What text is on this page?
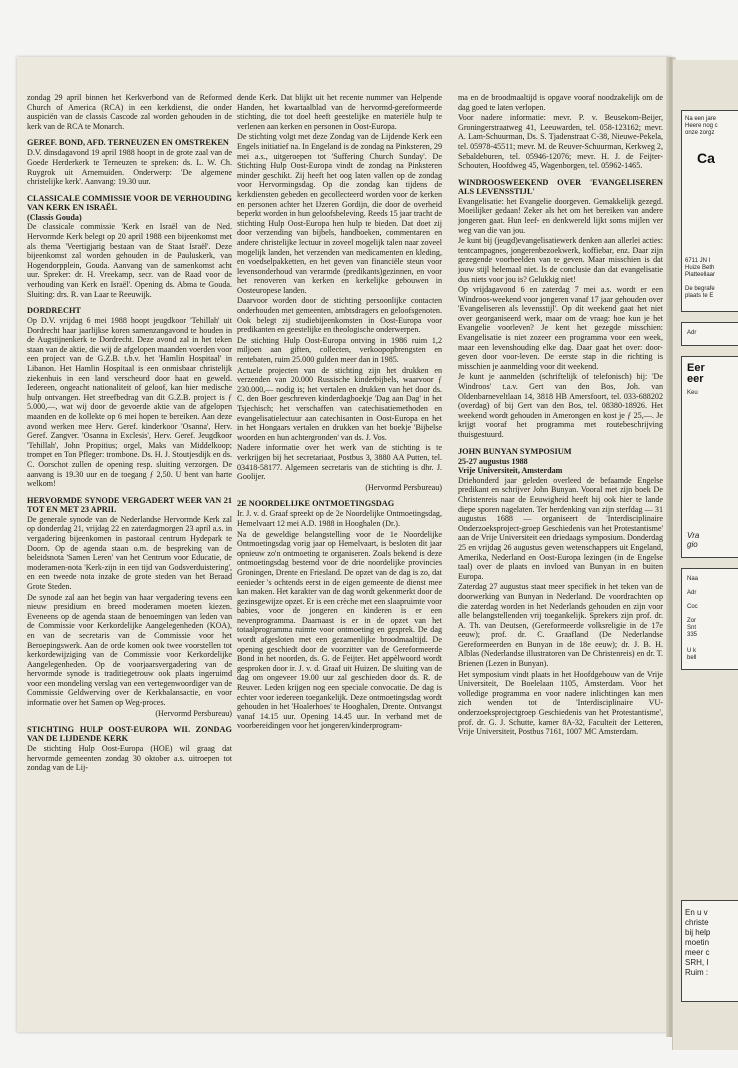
zondag 29 april binnen het Kerkverbond van de Reformed Church of America (RCA) in een kerkdienst, die onder auspiciën van de classis Cascode zal worden gehouden in de kerk van de RCA te Monarch.

GEREF. BOND, AFD. TERNEUZEN EN OMSTREKEN

D.V. dinsdagavond 19 april 1988 hoopt in de grote zaal van de Goede Herderkerk te Terneuzen te spreken: ds. L. W. Ch. Ruygrok uit Arnemuiden. Onderwerp: 'De algemene christelijke kerk'. Aanvang: 19.30 uur.

CLASSICALE COMMISSIE VOOR DE VERHOUDING VAN KERK EN ISRAËL

(Classis Gouda)

De classicale commissie 'Kerk en Israël van de Ned. Hervormde Kerk belegt op 20 april 1988 een bijeenkomst met als thema 'Veertigjarig bestaan van de Staat Israël'. Deze bijeenkomst zal worden gehouden in de Pauluskerk, van Hogendorpplein, Gouda. Aanvang van de samenkomst acht uur. Spreker: dr. H. Vreekamp, secr. van de Raad voor de verhouding van Kerk en Israël'. Opening ds. Abma te Gouda. Sluiting: drs. R. van Laar te Reeuwijk.

DORDRECHT

Op D.V. vrijdag 6 mei 1988 hoopt jeugdkoor 'Tehillah' uit Dordrecht haar jaarlijkse koren samenzangavond te houden in de Augstijnenkerk te Dordrecht. Deze avond zal in het teken staan van de aktie, die wij de afgelopen maanden voerden voor een project van de G.Z.B. t.b.v. het 'Hamlin Hospitaal' in Libanon. Het Hamlin Hospitaal is een onmisbaar christelijk ziekenhuis in een land verscheurd door haat en geweld. Iedereen, ongeacht nationaliteit of geloof, kan hier medische hulp ontvangen. Het streefbedrag van dit G.Z.B. project is ƒ 5.000,—, wat wij door de gevoerde aktie van de afgelopen maanden en de kollekte op 6 mei hopen te bereiken. Aan deze avond werken mee Herv. Geref. kinderkoor 'Osanna', Herv. Geref. Zangver. 'Osanna in Exclesis', Herv. Geref. Jeugdkoor 'Tehillah', John Propitius; orgel, Maks van Middelkoop; trompet en Ton Pfleger: trombone. Ds. H. J. Stoutjesdijk en ds. C. Oorschot zullen de opening resp. sluiting verzorgen. De aanvang is 19.30 uur en de toegang ƒ 2,50. U bent van harte welkom!

HERVORMDE SYNODE VERGADERT WEER VAN 21 TOT EN MET 23 APRIL

De generale synode van de Nederlandse Hervormde Kerk zal op donderdag 21, vrijdag 22 en zaterdagmorgen 23 april a.s. in vergadering bijeenkomen in pastoraal centrum Hydepark te Doorn. Op de agenda staan o.m. de bespreking van de beleidsnota 'Samen Leren' van het Centrum voor Educatie, de moderamen-nota 'Kerk-zijn in een tijd van Godsverduistering', en een tweede nota inzake de grote steden van het Beraad Grote Steden.

De synode zal aan het begin van haar vergadering tevens een nieuw presidium en breed moderamen moeten kiezen. Eveneens op de agenda staan de benoemingen van leden van de Commissie voor Kerkordelijke Aangelegenheden (KOA), en van de secretaris van de Commissie voor het Beroepingswerk. Aan de orde komen ook twee voorstellen tot kerkordewijziging van de Commissie voor Kerkordelijke Aangelegenheden. Op de voorjaarsvergadering van de hervormde synode is traditiegetrouw ook plaats ingeruimd voor een mondeling verslag van een vertegenwoordiger van de Commissie Geldwerving over de Kerkbalansactie, en voor informatie over het Samen op Weg-proces.

(Hervormd Persbureau)

STICHTING HULP OOST-EUROPA WIL ZONDAG VAN DE LIJDENDE KERK

De stichting Hulp Oost-Europa (HOE) wil graag dat hervormde gemeenten zondag 30 oktober a.s. uitroepen tot zondag van de Lij-

dende Kerk. Dat blijkt uit het recente nummer van Helpende Handen, het kwartaalblad van de hervormd-gereformeerde stichting, die tot doel heeft geestelijke en materiële hulp te verlenen aan kerken en personen in Oost-Europa.

De stichting volgt met deze Zondag van de Lijdende Kerk een Engels initiatief na. In Engeland is de zondag na Pinksteren, 29 mei a.s., uitgeroepen tot 'Suffering Church Sunday'. De Stichting Hulp Oost-Europa vindt de zondag na Pinksteren minder geschikt. Zij heeft het oog laten vallen op de zondag voor Hervormingsdag. Op die zondag kan tijdens de kerkdiensten gebeden en gecollecteerd worden voor de kerken en personen achter het IJzeren Gordijn, die door de overheid beperkt worden in hun geloofsbeleving. Reeds 15 jaar tracht de stichting Hulp Oost-Europa hen hulp te bieden. Dat doet zij door verzending van bijbels, handboeken, commentaren en andere christelijke lectuur in zoveel mogelijk talen naar zoveel mogelijk landen, het verzenden van medicamenten en kleding, en voedselpakketten, en het geven van financiële steun voor levensonderhoud van verarmde (predikants)gezinnen, en voor het renoveren van kerken en kerkelijke gebouwen in Oosteuropese landen.

Daarvoor worden door de stichting persoonlijke contacten onderhouden met gemeenten, ambtsdragers en geloofsgenoten. Ook belegt zij studiebijeenkomsten in Oost-Europa voor predikanten en geestelijke en theologische onderwerpen.

De stichting Hulp Oost-Europa ontving in 1986 ruim 1,2 miljoen aan giften, collecten, verkoopopbrengsten en rentebaten, ruim 25.000 gulden meer dan in 1985.

Actuele projecten van de stichting zijn het drukken en verzenden van 20.000 Russische kinderbijbels, waarvoor ƒ 230.000,— nodig is; het vertalen en drukken van het door ds. C. den Boer geschreven kinderdagboekje 'Dag aan Dag' in het Tsjechisch; het verschaffen van catechisatiemethoden en evangelisatielectuur aan catechisanten in Oost-Europa en het in het Hongaars vertalen en drukken van het boekje 'Bijbelse woorden en hun achtergronden' van ds. J. Vos.

Nadere informatie over het werk van de stichting is te verkrijgen bij het secretariaat, Postbus 3, 3880 AA Putten, tel. 03418-58177. Algemeen secretaris van de stichting is dhr. J. Goolijer.

(Hervormd Persbureau)

2E NOORDELIJKE ONTMOETINGSDAG

Ir. J. v. d. Graaf spreekt op de 2e Noordelijke Ontmoetingsdag, Hemelvaart 12 mei A.D. 1988 in Hooghalen (Dr.).

Na de geweldige belangstelling voor de 1e Noordelijke Ontmoetingsdag vorig jaar op Hemelvaart, is besloten dit jaar opnieuw zo'n ontmoeting te organiseren. Zoals bekend is deze ontmoetingsdag bestemd voor de drie noordelijke provincies Groningen, Drente en Friesland. De opzet van de dag is zo, dat eenieder 's ochtends eerst in de eigen gemeente de dienst mee kan maken. Het karakter van de dag wordt gekenmerkt door de gezinsgewijze opzet. Er is een crèche met een slaapruimte voor babies, voor de jongeren en kinderen is er een nevenprogramma. Daarnaast is er in de opzet van het totaalprogramma ruimte voor ontmoeting en gesprek. De dag wordt afgesloten met een gezamenlijke broodmaaltijd. De opening geschiedt door de voorzitter van de Gereformeerde Bond in het noorden, ds. G. de Feijter. Het appèlwoord wordt gesproken door ir. J. v. d. Graaf uit Huizen. De sluiting van de dag om ongeveer 19.00 uur zal geschieden door ds. R. de Reuver. Leden krijgen nog een speciale convocatie. De dag is echter voor iedereen toegankelijk. Deze ontmoetingsdag wordt gehouden in het 'Hoalerhoes' te Hooghalen, Drente. Ontvangst vanaf 14.15 uur. Opening 14.45 uur. In verband met de voorbereidingen voor het jongeren/kinderprogram-

ma en de broodmaaltijd is opgave vooraf noodzakelijk om de dag goed te laten verlopen.

Voor nadere informatie: mevr. P. v. Beusekom-Beijer, Groningerstraatweg 41, Leeuwarden, tel. 058-123162; mevr. A. Lam-Schuurman, Ds. S. Tjadenstraat C-38, Nieuwe-Pekela, tel. 05978-45511; mevr. M. de Reuver-Schuurman, Kerkweg 2, Sebaldeburen, tel. 05946-12076; mevr. H. J. de Feijter-Schouten, Hoofdweg 45, Wagenborgen, tel. 05962-1465.

WINDROOSWEEKEND OVER 'EVANGELISEREN ALS LEVENSSTIJL'

Evangelisatie: het Evangelie doorgeven. Gemakkelijk gezegd. Moeilijker gedaan! Zeker als het om het bereiken van andere jongeren gaat. Hun leef- en denkwereld lijkt soms mijlen ver weg van die van jou.

Je kunt bij (jeugd)evangelisatiewerk denken aan allerlei acties: tentcampagnes, jongerenbezoekwerk, koffiebar, enz. Daar zijn gezegende voorbeelden van te geven. Maar misschien is dat jouw stijl helemaal niet. Is de conclusie dan dat evangelisatie dus niets voor jou is? Gelukkig niet!

Op vrijdagavond 6 en zaterdag 7 mei a.s. wordt er een Windroos-weekend voor jongeren vanaf 17 jaar gehouden over 'Evangeliseren als levensstijl'. Op dit weekend gaat het niet over georganiseerd werk, maar om de vraag: hoe kun je het Evangelie voorleven? Je kent het gezegde misschien: Evangelisatie is niet zozeer een programma voor een week, maar een levenshouding elke dag. Daar gaat het over: door-geven door voor-leven. De eerste stap in die richting is misschien je aanmelding voor dit weekend.

Je kunt je aanmelden (schriftelijk of telefonisch) bij: 'De Windroos' t.a.v. Gert van den Bos, Joh. van Oldenbarneveltlaan 14, 3818 HB Amersfoort, tel. 033-688202 (overdag) of bij Gert van den Bos, tel. 08380-18926. Het weekend wordt gehouden in Amerongen en kost je ƒ 25,—. Je krijgt vooraf het programma met routebeschrijving thuisgestuurd.

JOHN BUNYAN SYMPOSIUM

25-27 augustus 1988

Vrije Universiteit, Amsterdam

Driehonderd jaar geleden overleed de befaamde Engelse predikant en schrijver John Bunyan. Vooral met zijn boek De Christenreis naar de Eeuwigheid heeft hij ook hier te lande diepe sporen nagelaten. Ter herdenking van zijn sterfdag — 31 augustus 1688 — organiseert de 'Interdisciplinaire Onderzoeksproject-groep Geschiedenis van het Protestantisme' aan de Vrije Universiteit een driedaags symposium. Donderdag 25 en vrijdag 26 augustus geven wetenschappers uit Engeland, Amerika, Nederland en Oost-Europa lezingen (in de Engelse taal) over de plaats en invloed van Bunyan in en buiten Europa.

Zaterdag 27 augustus staat meer specifiek in het teken van de doorwerking van Bunyan in Nederland. De voordrachten op die zaterdag worden in het Nederlands gehouden en zijn voor alle belangstellenden vrij toegankelijk. Sprekers zijn prof. dr. A. Th. van Deutsen, (Gereformeerde volksreligie in de 17e eeuw); prof. dr. C. Graafland (De Nederlandse Gereformeerden en Bunyan in de 18e eeuw); dr. J. B. H. Alblas (Nederlandse illustratoren van De Christenreis) en dr. T. Brienen (Lezen in Bunyan).

Het symposium vindt plaats in het Hoofdgebouw van de Vrije Universiteit, De Boelelaan 1105, Amsterdam. Voor het volledige programma en voor nadere inlichtingen kan men zich wenden tot de 'Interdisciplinaire VU-onderzoeksprojectgroep Geschiedenis van het Protestantisme', prof. dr. G. J. Schutte, kamer 8A-32, Faculteit der Letteren, Vrije Universiteit, Postbus 7161, 1007 MC Amsterdam.

Na een jare
Heere nog c
onze zorgz
Ca
6711 JN I
Huize Beth
Platteellaar
De begrafe
plaats te E
Adr
Eer
eer
Keu
Vra
gio
Naa
Adr
Coc
Zor
Snt
335
U k
bell
En u v
christe
bij help
moetin
meer c
SRH, I
Ruim :
